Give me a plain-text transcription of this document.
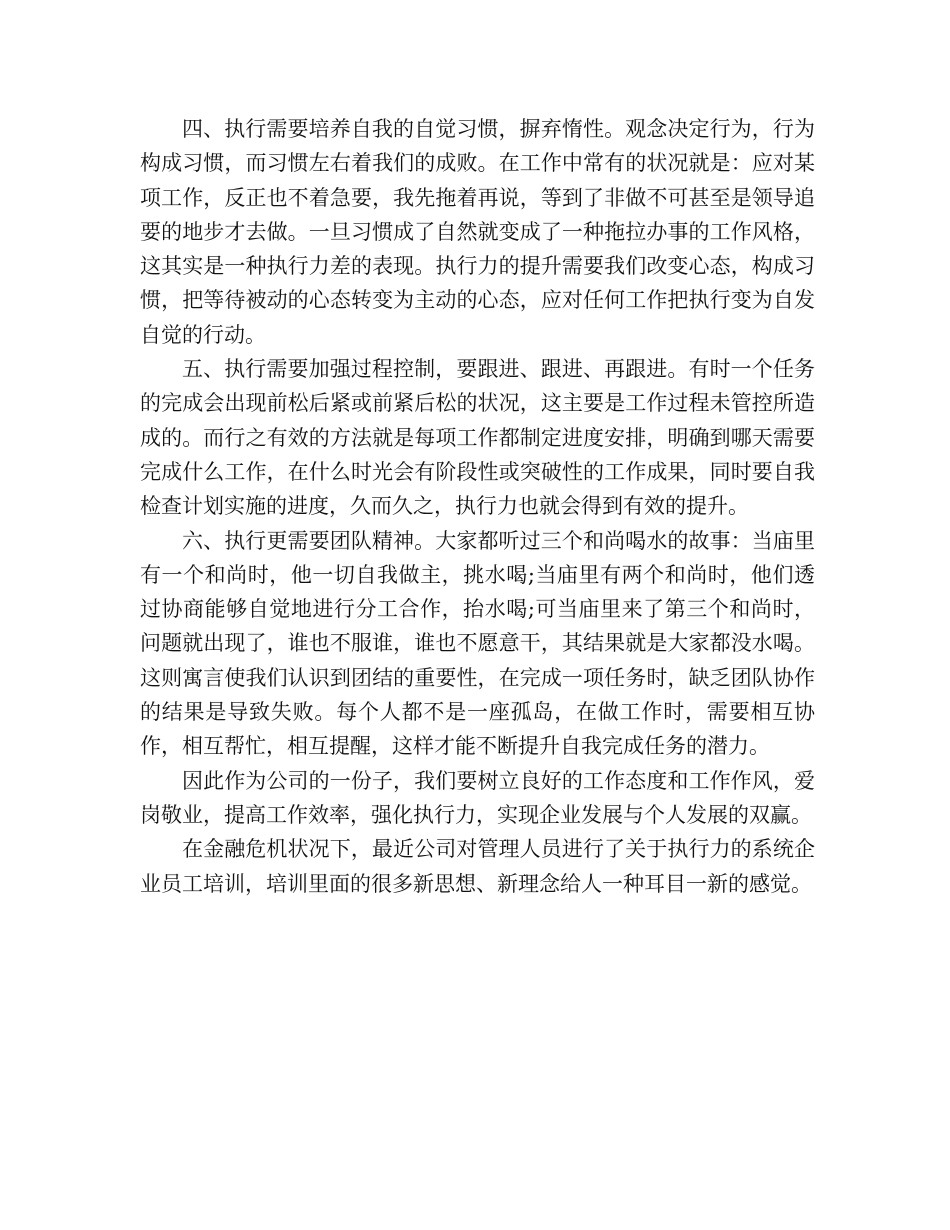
四、执行需要培养自我的自觉习惯，摒弃惰性。观念决定行为，行为构成习惯，而习惯左右着我们的成败。在工作中常有的状况就是：应对某项工作，反正也不着急要，我先拖着再说，等到了非做不可甚至是领导追要的地步才去做。一旦习惯成了自然就变成了一种拖拉办事的工作风格，这其实是一种执行力差的表现。执行力的提升需要我们改变心态，构成习惯，把等待被动的心态转变为主动的心态，应对任何工作把执行变为自发自觉的行动。

五、执行需要加强过程控制，要跟进、跟进、再跟进。有时一个任务的完成会出现前松后紧或前紧后松的状况，这主要是工作过程未管控所造成的。而行之有效的方法就是每项工作都制定进度安排，明确到哪天需要完成什么工作，在什么时光会有阶段性或突破性的工作成果，同时要自我检查计划实施的进度，久而久之，执行力也就会得到有效的提升。

六、执行更需要团队精神。大家都听过三个和尚喝水的故事：当庙里有一个和尚时，他一切自我做主，挑水喝;当庙里有两个和尚时，他们透过协商能够自觉地进行分工合作，抬水喝;可当庙里来了第三个和尚时，问题就出现了，谁也不服谁，谁也不愿意干，其结果就是大家都没水喝。这则寓言使我们认识到团结的重要性，在完成一项任务时，缺乏团队协作的结果是导致失败。每个人都不是一座孤岛，在做工作时，需要相互协作，相互帮忙，相互提醒，这样才能不断提升自我完成任务的潜力。

因此作为公司的一份子，我们要树立良好的工作态度和工作作风，爱岗敬业，提高工作效率，强化执行力，实现企业发展与个人发展的双赢。

在金融危机状况下，最近公司对管理人员进行了关于执行力的系统企业员工培训，培训里面的很多新思想、新理念给人一种耳目一新的感觉。
